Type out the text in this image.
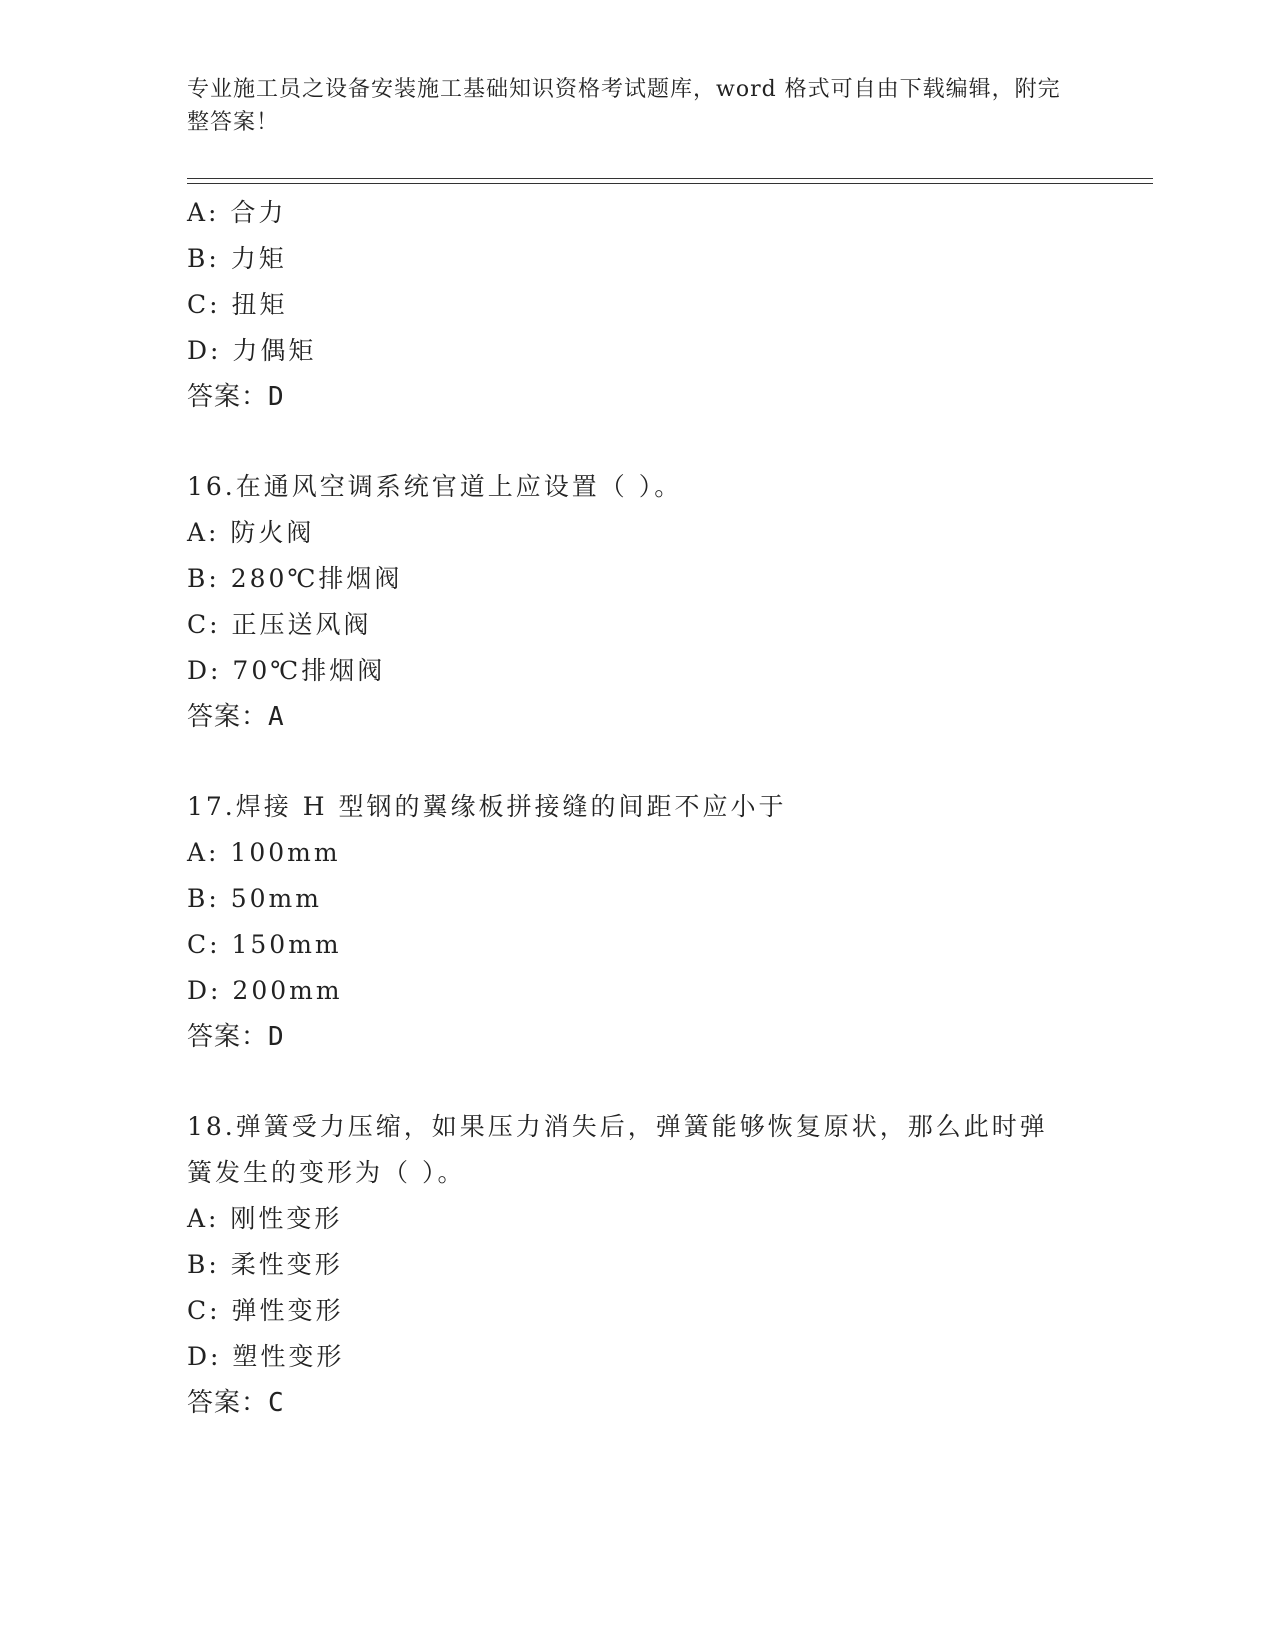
专业施工员之设备安装施工基础知识资格考试题库，word 格式可自由下载编辑，附完整答案！
A: 合力
B: 力矩
C: 扭矩
D: 力偶矩
答案：D
16.在通风空调系统官道上应设置（ ）。
A: 防火阀
B: 280℃排烟阀
C: 正压送风阀
D: 70℃排烟阀
答案：A
17.焊接 H 型钢的翼缘板拼接缝的间距不应小于
A: 100mm
B: 50mm
C: 150mm
D: 200mm
答案：D
18.弹簧受力压缩，如果压力消失后，弹簧能够恢复原状，那么此时弹
簧发生的变形为（ ）。
A: 刚性变形
B: 柔性变形
C: 弹性变形
D: 塑性变形
答案：C
